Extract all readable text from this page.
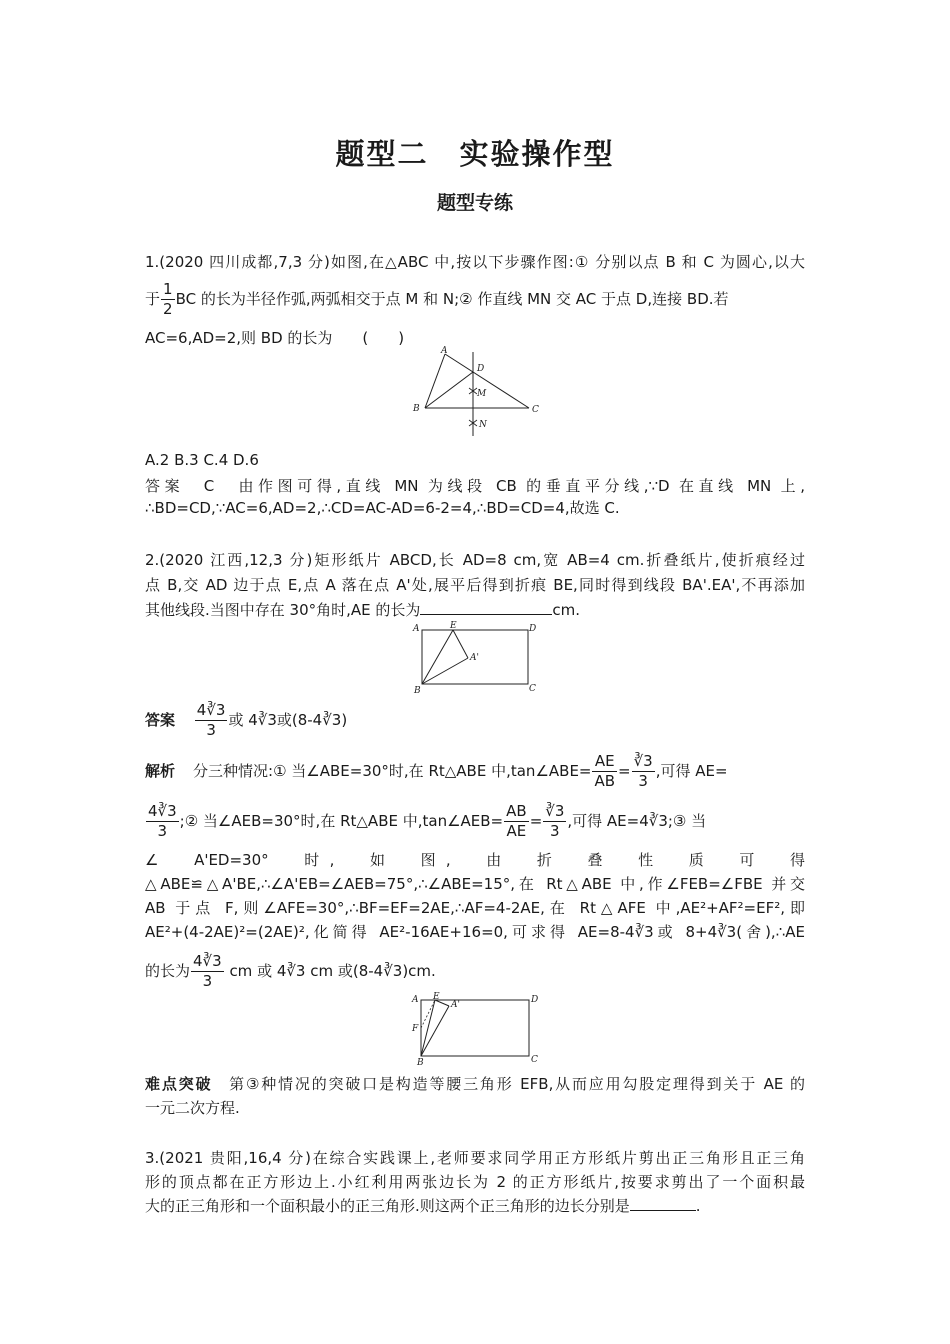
题型二　实验操作型
题型专练
1.(2020 四川成都,7,3 分)如图,在△ABC 中,按以下步骤作图:① 分别以点 B 和 C 为圆心,以大
于 $\frac{1}{2}$ BC 的长为半径作弧,两弧相交于点 M 和 N;② 作直线 MN 交 AC 于点 D,连接 BD.若
AC=6,AD=2,则 BD 的长为　　(　　)
A
D
M
B	C
N
A.2 B.3 C.4 D.6
答案　C　由作图可得,直线 MN 为线段 CB 的垂直平分线,∵D 在直线 MN 上,
∴BD=CD,∵AC=6,AD=2,∴CD=AC-AD=6-2=4,∴BD=CD=4,故选 C.
2.(2020 江西,12,3 分)矩形纸片 ABCD,长 AD=8 cm,宽 AB=4 cm.折叠纸片,使折痕经过
点 B,交 AD 边于点 E,点 A 落在点 A'处,展平后得到折痕 BE,同时得到线段 BA'.EA',不再添加
其他线段.当图中存在 30°角时,AE 的长为	cm.
A	E	D
A'
B	C
答案 $\frac{4∛3}{3}$ 或 4∛3或(8-4∛3)
解析 分三种情况:① 当∠ABE=30°时,在 Rt△ABE 中,tan∠ABE= $\frac{AE}{AB} = \frac{∛3}{3}$ ,可得 AE=
$\frac{4∛3}{3}$ ;② 当∠AEB=30°时,在 Rt△ABE 中,tan∠AEB= $\frac{AB}{AE} = \frac{∛3}{3}$ ,可得 AE=4∛3;③ 当
∠　A'ED=30°　时,　如　图,　由　折　叠　性　质　可　得
△ABE≌△A'BE,∴∠A'EB=∠AEB=75°,∴∠ABE=15°,在 Rt△ABE 中,作∠FEB=∠FBE 并交
AB 于点 F,则∠AFE=30°,∴BF=EF=2AE,∴AF=4-2AE,在 Rt△AFE 中,AE²+AF²=EF²,即
AE²+(4-2AE)²=(2AE)²,化简得 AE²-16AE+16=0,可求得 AE=8-4∛3或 8+4∛3(舍),∴AE
的长为 $\frac{4∛3}{3}$ cm 或 4∛3 cm 或(8-4∛3)cm.
A E	D
A'
F
B	C
难点突破　 第③种情况的突破口是构造等腰三角形 EFB,从而应用勾股定理得到关于 AE 的
一元二次方程.
3.(2021 贵阳,16,4 分)在综合实践课上,老师要求同学用正方形纸片剪出正三角形且正三角
形的顶点都在正方形边上.小红利用两张边长为 2 的正方形纸片,按要求剪出了一个面积最
大的正三角形和一个面积最小的正三角形.则这两个正三角形的边长分别是	.
